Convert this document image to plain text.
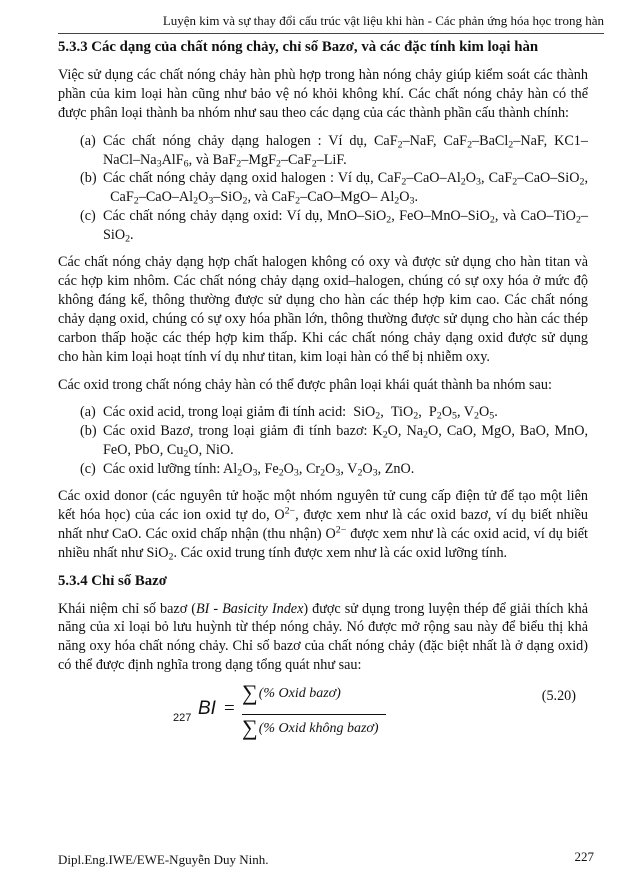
Luyện kim và sự thay đổi cấu trúc vật liệu khi hàn - Các phản ứng hóa học trong hàn
5.3.3 Các dạng của chất nóng chảy, chỉ số Bazơ, và các đặc tính kim loại hàn
Việc sử dụng các chất nóng chảy hàn phù hợp trong hàn nóng chảy giúp kiểm soát các thành phần của kim loại hàn cũng như bảo vệ nó khỏi không khí. Các chất nóng chảy hàn có thể được phân loại thành ba nhóm như sau theo các dạng của các thành phần cấu thành chính:
(a) Các chất nóng chảy dạng halogen : Ví dụ, CaF$_2$–NaF, CaF$_2$–BaCl$_2$–NaF, $KC1-NaCl-Na_3AlF_6$, và BaF$_2$–MgF$_2$–CaF$_2$–LiF.
(b) Các chất nóng chảy dạng oxid halogen : Ví dụ, $CaF_2-CaO-Al_2O_3$, CaF$_2$–CaO–SiO$_2$,   $CaF_2-CaO-Al_2O_3-SiO_2$, và CaF$_2$–CaO–MgO– $Al_2O_3$.
(c) Các chất nóng chảy dạng oxid: Ví dụ, MnO–SiO$_2$, FeO–MnO–SiO$_2$, và CaO–TiO$_2$–SiO$_2$.
Các chất nóng chảy dạng hợp chất halogen không có oxy và được sử dụng cho hàn titan và các hợp kim nhôm. Các chất nóng chảy dạng oxid–halogen, chúng có sự oxy hóa ở mức độ không đáng kể, thông thường được sử dụng cho hàn các thép hợp kim cao. Các chất nóng chảy dạng oxid, chúng có sự oxy hóa phần lớn, thông thường được sử dụng cho hàn các thép carbon thấp hoặc các thép hợp kim thấp. Khi các chất nóng chảy dạng oxid được sử dụng cho hàn kim loại hoạt tính ví dụ như titan, kim loại hàn có thể bị nhiễm oxy.
Các oxid trong chất nóng chảy hàn có thể được phân loại khái quát thành ba nhóm sau:
(a) Các oxid acid, trong loại giảm đi tính acid:  SiO$_2$,  TiO$_2$,  $P_2O_5$, $V_2O_5$.
(b) Các oxid Bazơ, trong loại giảm đi tính bazơ: $K_2O$, $Na_2O$, CaO, MgO, BaO, MnO, FeO, PbO, $Cu_2O$, NiO.
(c) Các oxid lưỡng tính: $Al_2O_3$, $Fe_2O_3$, $Cr_2O_3$, $V_2O_3$, ZnO.
Các oxid donor (các nguyên tử hoặc một nhóm nguyên tử cung cấp điện tử để tạo một liên kết hóa học) của các ion oxid tự do, $O^{2-}$, được xem như là các oxid bazơ, ví dụ biết nhiều nhất như CaO. Các oxid chấp nhận (thu nhận) $O^{2-}$ được xem như là các oxid acid, ví dụ biết nhiều nhất như SiO$_2$. Các oxid trung tính được xem như là các oxid lưỡng tính.
5.3.4 Chỉ số Bazơ
Khái niệm chỉ số bazơ (BI - Basicity Index) được sử dụng trong luyện thép để giải thích khả năng của xỉ loại bỏ lưu huỳnh từ thép nóng chảy. Nó được mở rộng sau này để biểu thị khả năng oxy hóa chất nóng chảy. Chỉ số bazơ của chất nóng chảy (đặc biệt nhất là ở dạng oxid) có thể được định nghĩa trong dạng tổng quát như sau:
227 BI =
∑(% Oxid bazơ)
∑(% Oxid không bazơ)
(5.20)
Dipl.Eng.IWE/EWE-Nguyễn Duy Ninh.	227
